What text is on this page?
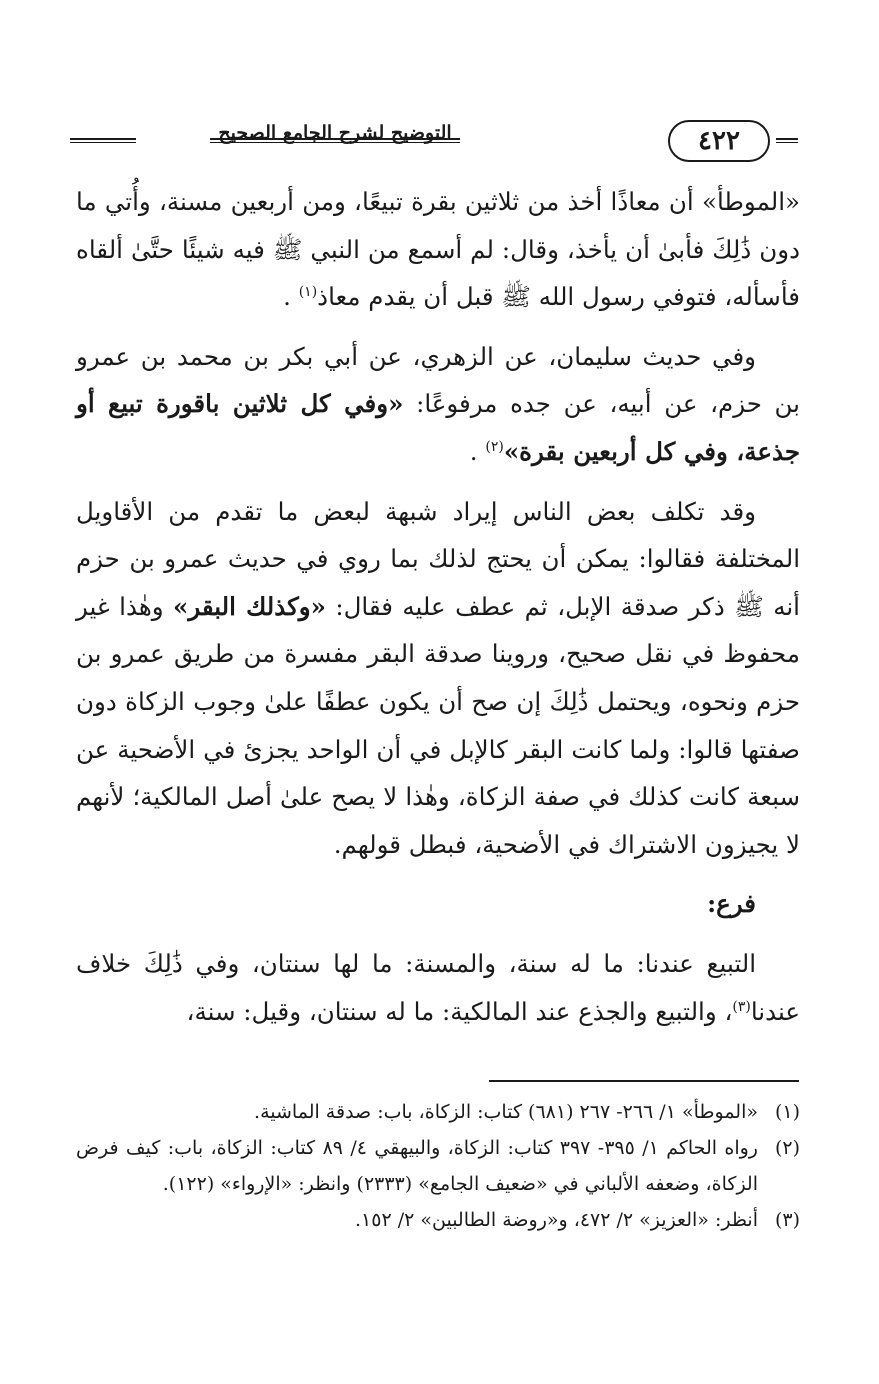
٤٢٢
التوضيح لشرح الجامع الصحيح

«الموطأ» أن معاذًا أخذ من ثلاثين بقرة تبيعًا، ومن أربعين مسنة، وأُتي ما دون ذَٰلِكَ فأبىٰ أن يأخذ، وقال: لم أسمع من النبي ﷺ فيه شيئًا حتَّىٰ ألقاه فأسأله، فتوفي رسول الله ﷺ قبل أن يقدم معاذ$^{(١)}$ .

وفي حديث سليمان، عن الزهري، عن أبي بكر بن محمد بن عمرو بن حزم، عن أبيه، عن جده مرفوعًا: «وفي كل ثلاثين باقورة تبيع أو جذعة، وفي كل أربعين بقرة»$^{(٢)}$ .

وقد تكلف بعض الناس إيراد شبهة لبعض ما تقدم من الأقاويل المختلفة فقالوا: يمكن أن يحتج لذلك بما روي في حديث عمرو بن حزم أنه ﷺ ذكر صدقة الإبل، ثم عطف عليه فقال: «وكذلك البقر» وهٰذا غير محفوظ في نقل صحيح، وروينا صدقة البقر مفسرة من طريق عمرو بن حزم ونحوه، ويحتمل ذَٰلِكَ إن صح أن يكون عطفًا علىٰ وجوب الزكاة دون صفتها قالوا: ولما كانت البقر كالإبل في أن الواحد يجزئ في الأضحية عن سبعة كانت كذلك في صفة الزكاة، وهٰذا لا يصح علىٰ أصل المالكية؛ لأنهم لا يجيزون الاشتراك في الأضحية، فبطل قولهم.

فرع:

التبيع عندنا: ما له سنة، والمسنة: ما لها سنتان، وفي ذَٰلِكَ خلاف عندنا$^{(٣)}$، والتبيع والجذع عند المالكية: ما له سنتان، وقيل: سنة،

(١)
«الموطأ» ١/ ٢٦٦- ٢٦٧ (٦٨١) كتاب: الزكاة، باب: صدقة الماشية.
(٢)
رواه الحاكم ١/ ٣٩٥- ٣٩٧ كتاب: الزكاة، والبيهقي ٤/ ٨٩ كتاب: الزكاة، باب: كيف فرض الزكاة، وضعفه الألباني في «ضعيف الجامع» (٢٣٣٣) وانظر: «الإرواء» (١٢٢).
(٣)
أنظر: «العزيز» ٢/ ٤٧٢، و«روضة الطالبين» ٢/ ١٥٢.
